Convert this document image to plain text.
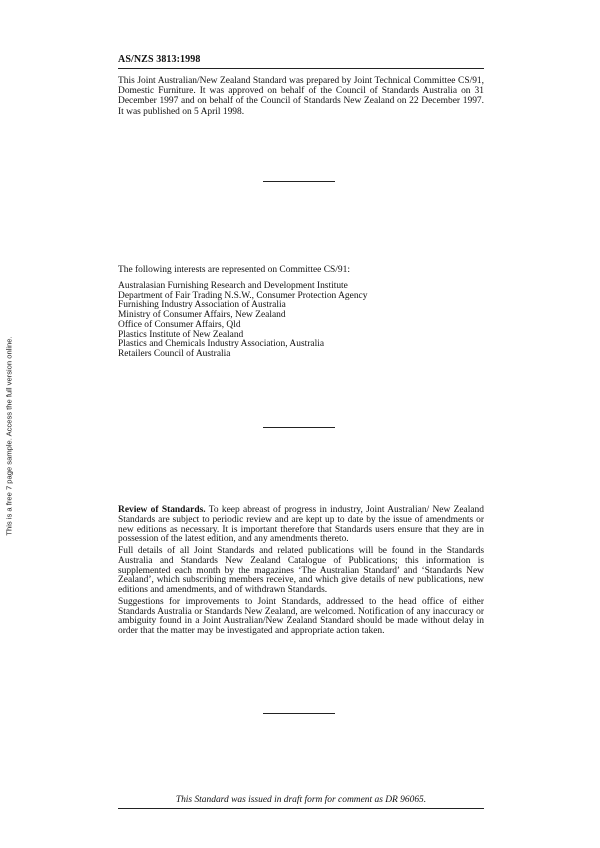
This is a free 7 page sample. Access the full version online.
AS/NZS 3813:1998
This Joint Australian/New Zealand Standard was prepared by Joint Technical Committee CS/91, Domestic Furniture. It was approved on behalf of the Council of Standards Australia on 31 December 1997 and on behalf of the Council of Standards New Zealand on 22 December 1997. It was published on 5 April 1998.
The following interests are represented on Committee CS/91:
Australasian Furnishing Research and Development Institute
Department of Fair Trading N.S.W., Consumer Protection Agency
Furnishing Industry Association of Australia
Ministry of Consumer Affairs, New Zealand
Office of Consumer Affairs, Qld
Plastics Institute of New Zealand
Plastics and Chemicals Industry Association, Australia
Retailers Council of Australia

Review of Standards. To keep abreast of progress in industry, Joint Australian/ New Zealand Standards are subject to periodic review and are kept up to date by the issue of amendments or new editions as necessary. It is important therefore that Standards users ensure that they are in possession of the latest edition, and any amendments thereto.

Full details of all Joint Standards and related publications will be found in the Standards Australia and Standards New Zealand Catalogue of Publications; this information is supplemented each month by the magazines ‘The Australian Standard’ and ‘Standards New Zealand’, which subscribing members receive, and which give details of new publications, new editions and amendments, and of withdrawn Standards.

Suggestions for improvements to Joint Standards, addressed to the head office of either Standards Australia or Standards New Zealand, are welcomed. Notification of any inaccuracy or ambiguity found in a Joint Australian/New Zealand Standard should be made without delay in order that the matter may be investigated and appropriate action taken.

This Standard was issued in draft form for comment as DR 96065.
